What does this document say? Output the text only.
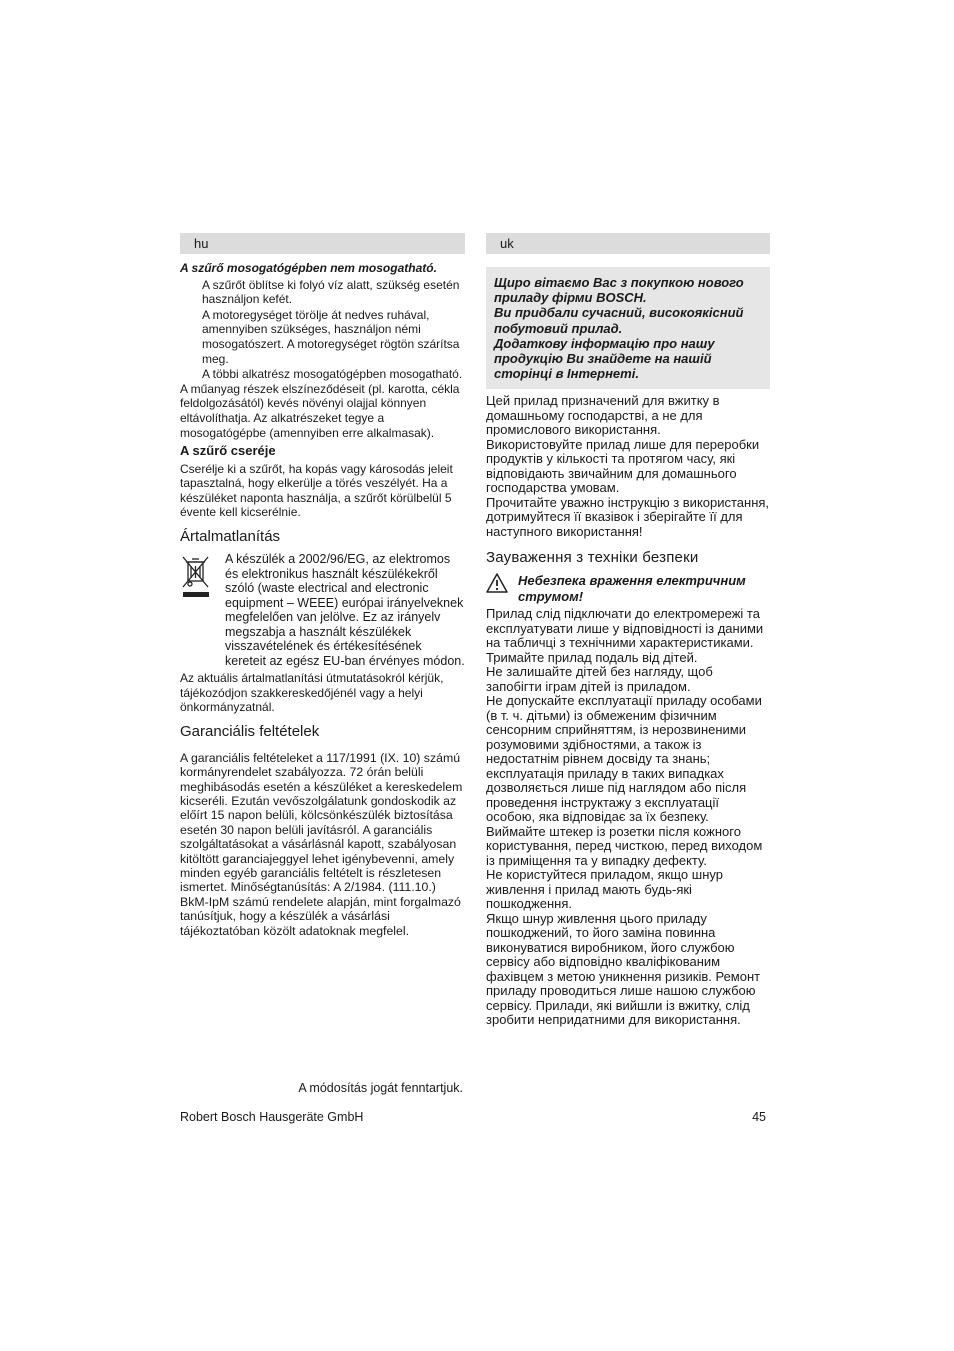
hu

A szűrő mosogatógépben nem mosogatható.

A szűrőt öblítse ki folyó víz alatt, szükség esetén használjon kefét.

A motoregységet törölje át nedves ruhával, amennyiben szükséges, használjon némi mosogatószert. A motoregységet rögtön szárítsa meg.

A többi alkatrész mosogatógépben mosogatható.

A műanyag részek elszíneződéseit (pl. karotta, cékla feldolgozásától) kevés növényi olajjal könnyen eltávolíthatja. Az alkatrészeket tegye a mosogatógépbe (amennyiben erre alkalmasak).

A szűrő cseréje

Cserélje ki a szűrőt, ha kopás vagy károsodás jeleit tapasztalná, hogy elkerülje a törés veszélyét. Ha a készüléket naponta használja, a szűrőt körülbelül 5 évente kell kicserélnie.

Ártalmatlanítás

A készülék a 2002/96/EG, az elektromos és elektronikus használt készülékekről szóló (waste electrical and electronic equipment – WEEE) európai irányelveknek megfelelően van jelölve. Ez az irányelv megszabja a használt készülékek visszavételének és értékesítésének kereteit az egész EU-ban érvényes módon.

Az aktuális ártalmatlanítási útmutatásokról kérjük, tájékozódjon szakkereskedőjénél vagy a helyi önkormányzatnál.

Garanciális feltételek

A garanciális feltételeket a 117/1991 (IX. 10) számú kormányrendelet szabályozza. 72 órán belüli meghibásodás esetén a készüléket a kereskedelem kicseréli. Ezután vevőszolgálatunk gondoskodik az előírt 15 napon belüli, kölcsönkészülék biztosítása esetén 30 napon belüli javításról. A garanciális szolgáltatásokat a vásárlásnál kapott, szabályosan kitöltött garanciajeggyel lehet igénybevenni, amely minden egyéb garanciális feltételt is részletesen ismertet. Minőségtanúsítás: A 2/1984. (111.10.) BkM-IpM számú rendelete alapján, mint forgalmazó tanúsítjuk, hogy a készülék a vásárlási tájékoztatóban közölt adatoknak megfelel.

uk

Щиро вітаємо Вас з покупкою нового приладу фірми BOSCH.

Ви придбали сучасний, високоякісний побутовий прилад.

Додаткову інформацію про нашу продукцію Ви знайдете на нашій сторінці в Інтернеті.

Цей прилад призначений для вжитку в домашньому господарстві, а не для промислового використання.

Використовуйте прилад лише для переробки продуктів у кількості та протягом часу, які відповідають звичайним для домашнього господарства умовам.

Прочитайте уважно інструкцію з використання, дотримуйтеся її вказівок і зберігайте її для наступного використання!

Зауваження з техніки безпеки

Небезпека враження електричним струмом!

Прилад слід підключати до електромережі та експлуатувати лише у відповідності із даними на табличці з технічними характеристиками.

Тримайте прилад подаль від дітей.

Не залишайте дітей без нагляду, щоб запобігти іграм дітей із приладом.

Не допускайте експлуатації приладу особами (в т. ч. дітьми) із обмеженим фізичним сенсорним сприйняттям, із нерозвиненими розумовими здібностями, а також із недостатнім рівнем досвіду та знань; експлуатація приладу в таких випадках дозволяється лише під наглядом або після проведення інструктажу з експлуатації особою, яка відповідає за їх безпеку.

Виймайте штекер із розетки після кожного користування, перед чисткою, перед виходом із приміщення та у випадку дефекту.

Не користуйтеся приладом, якщо шнур живлення і прилад мають будь-які пошкодження.

Якщо шнур живлення цього приладу пошкоджений, то його заміна повинна виконуватися виробником, його службою сервісу або відповідно кваліфікованим фахівцем з метою уникнення ризиків. Ремонт приладу проводиться лише нашою службою сервісу. Прилади, які вийшли із вжитку, слід зробити непридатними для використання.

A módosítás jogát fenntartjuk.

Robert Bosch Hausgeräte GmbH	45
